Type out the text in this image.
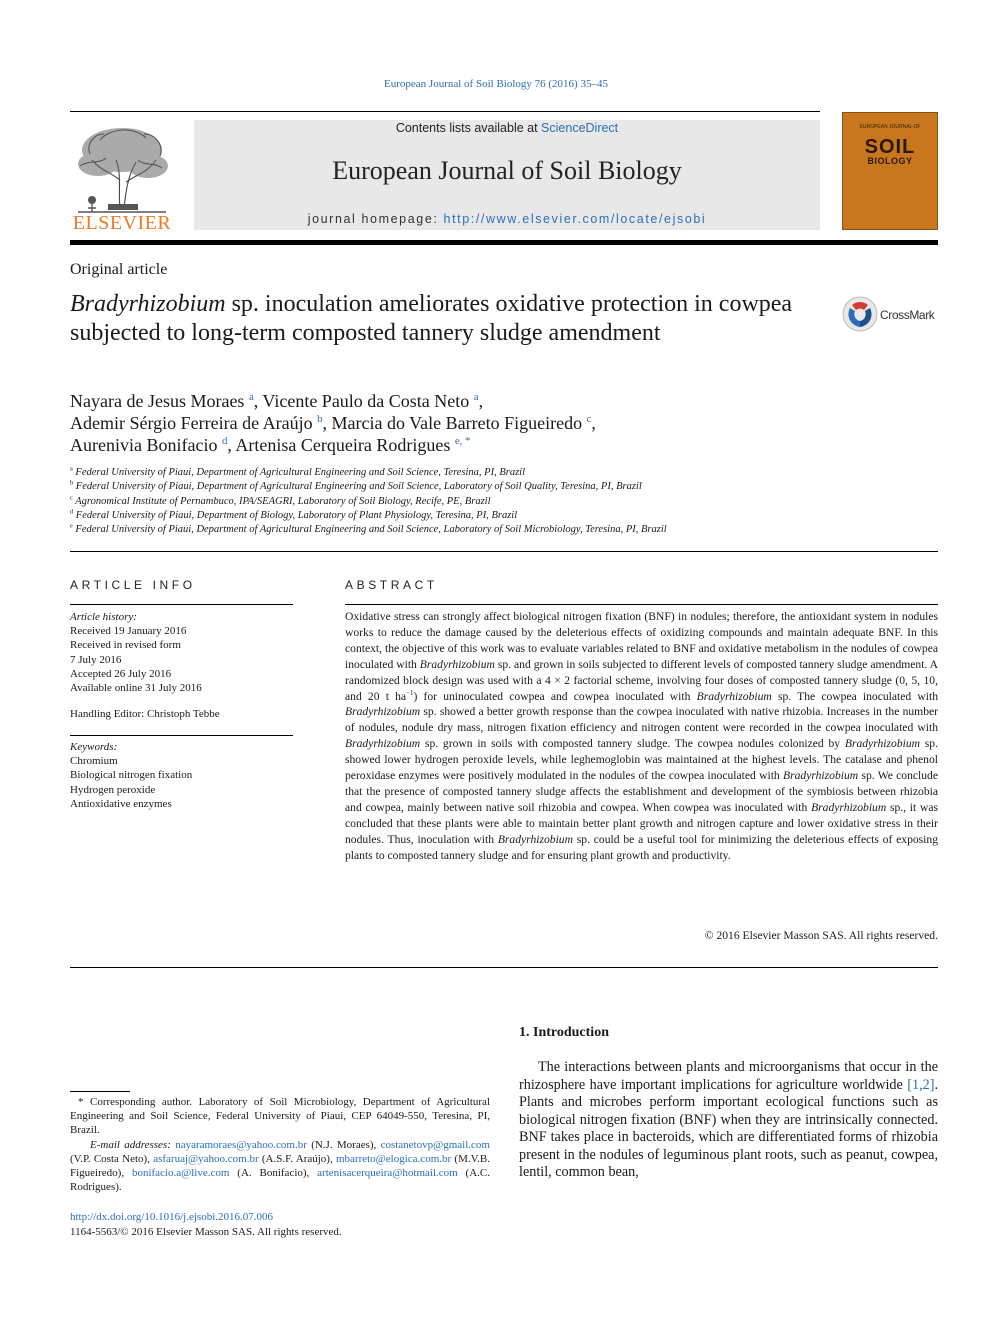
European Journal of Soil Biology 76 (2016) 35–45
ELSEVIER
Contents lists available at ScienceDirect
European Journal of Soil Biology
journal homepage: http://www.elsevier.com/locate/ejsobi
EUROPEAN JOURNAL OF
SOIL
BIOLOGY
Original article
Bradyrhizobium sp. inoculation ameliorates oxidative protection in cowpea subjected to long-term composted tannery sludge amendment
CrossMark
Nayara de Jesus Moraes $^a$, Vicente Paulo da Costa Neto $^a$,
Ademir Sérgio Ferreira de Araújo $^b$, Marcia do Vale Barreto Figueiredo $^c$,
Aurenivia Bonifacio $^d$, Artenisa Cerqueira Rodrigues $^{e, *}$
$^a$ Federal University of Piaui, Department of Agricultural Engineering and Soil Science, Teresina, PI, Brazil
$^b$ Federal University of Piaui, Department of Agricultural Engineering and Soil Science, Laboratory of Soil Quality, Teresina, PI, Brazil
$^c$ Agronomical Institute of Pernambuco, IPA/SEAGRI, Laboratory of Soil Biology, Recife, PE, Brazil
$^d$ Federal University of Piaui, Department of Biology, Laboratory of Plant Physiology, Teresina, PI, Brazil
$^e$ Federal University of Piaui, Department of Agricultural Engineering and Soil Science, Laboratory of Soil Microbiology, Teresina, PI, Brazil
ARTICLE INFO	ABSTRACT
Article history:
Received 19 January 2016
Received in revised form
7 July 2016
Accepted 26 July 2016
Available online 31 July 2016
Handling Editor: Christoph Tebbe
Keywords:
Chromium
Biological nitrogen fixation
Hydrogen peroxide
Antioxidative enzymes
Oxidative stress can strongly affect biological nitrogen fixation (BNF) in nodules; therefore, the antioxidant system in nodules works to reduce the damage caused by the deleterious effects of oxidizing compounds and maintain adequate BNF. In this context, the objective of this work was to evaluate variables related to BNF and oxidative metabolism in the nodules of cowpea inoculated with Bradyrhizobium sp. and grown in soils subjected to different levels of composted tannery sludge amendment. A randomized block design was used with a 4 × 2 factorial scheme, involving four doses of composted tannery sludge (0, 5, 10, and 20 t $ha^{-1}$) for uninoculated cowpea and cowpea inoculated with Bradyrhizobium sp. The cowpea inoculated with Bradyrhizobium sp. showed a better growth response than the cowpea inoculated with native rhizobia. Increases in the number of nodules, nodule dry mass, nitrogen fixation efficiency and nitrogen content were recorded in the cowpea inoculated with Bradyrhizobium sp. grown in soils with composted tannery sludge. The cowpea nodules colonized by Bradyrhizobium sp. showed lower hydrogen peroxide levels, while leghemoglobin was maintained at the highest levels. The catalase and phenol peroxidase enzymes were positively modulated in the nodules of the cowpea inoculated with Bradyrhizobium sp. We conclude that the presence of composted tannery sludge affects the establishment and development of the symbiosis between rhizobia and cowpea, mainly between native soil rhizobia and cowpea. When cowpea was inoculated with Bradyrhizobium sp., it was concluded that these plants were able to maintain better plant growth and nitrogen capture and lower oxidative stress in their nodules. Thus, inoculation with Bradyrhizobium sp. could be a useful tool for minimizing the deleterious effects of exposing plants to composted tannery sludge and for ensuring plant growth and productivity.
© 2016 Elsevier Masson SAS. All rights reserved.
1. Introduction
The interactions between plants and microorganisms that occur in the rhizosphere have important implications for agriculture worldwide [1,2]. Plants and microbes perform important ecological functions such as biological nitrogen fixation (BNF) when they are intrinsically connected. BNF takes place in bacteroids, which are differentiated forms of rhizobia present in the nodules of leguminous plant roots, such as peanut, cowpea, lentil, common bean,
* Corresponding author. Laboratory of Soil Microbiology, Department of Agricultural Engineering and Soil Science, Federal University of Piaui, CEP 64049-550, Teresina, PI, Brazil.
E-mail addresses: nayaramoraes@yahoo.com.br (N.J. Moraes), costanetovp@gmail.com (V.P. Costa Neto), asfaruaj@yahoo.com.br (A.S.F. Araújo), mbarreto@elogica.com.br (M.V.B. Figueiredo), bonifacio.a@live.com (A. Bonifacio), artenisacerqueira@hotmail.com (A.C. Rodrigues).
http://dx.doi.org/10.1016/j.ejsobi.2016.07.006
1164-5563/© 2016 Elsevier Masson SAS. All rights reserved.
